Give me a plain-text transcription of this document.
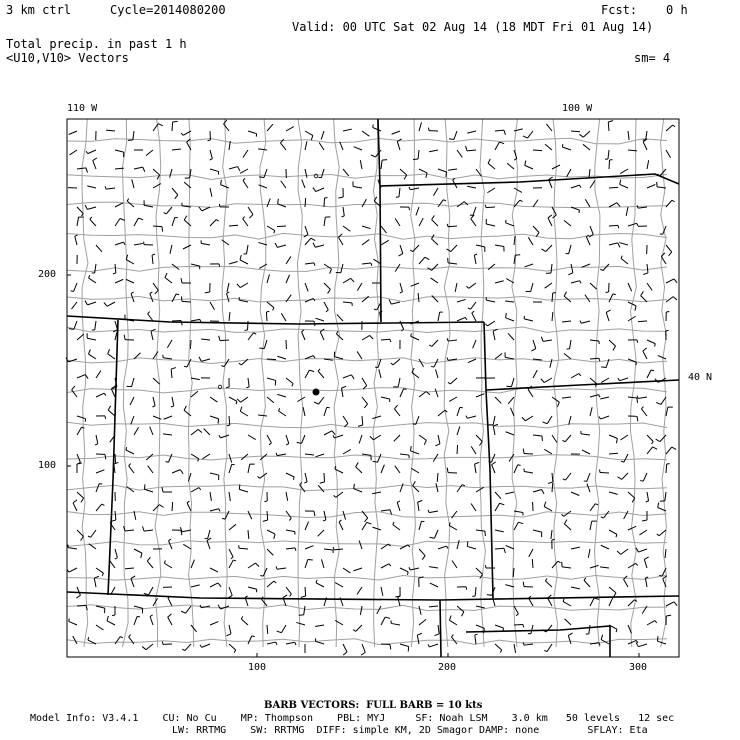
3 km ctrl	Cycle=2014080200	Fcst:    0 h
Valid: 00 UTC Sat 02 Aug 14 (18 MDT Fri 01 Aug 14)
Total precip. in past 1 h
<U10,V10> Vectors	sm= 4
110 W	100 W
40 N
200
100
100	200	300
BARB VECTORS:  FULL BARB = 10 kts
Model Info: V3.4.1    CU: No Cu    MP: Thompson    PBL: MYJ     SF: Noah LSM    3.0 km   50 levels   12 sec
LW: RRTMG    SW: RRTMG  DIFF: simple KM, 2D Smagor DAMP: none        SFLAY: Eta
